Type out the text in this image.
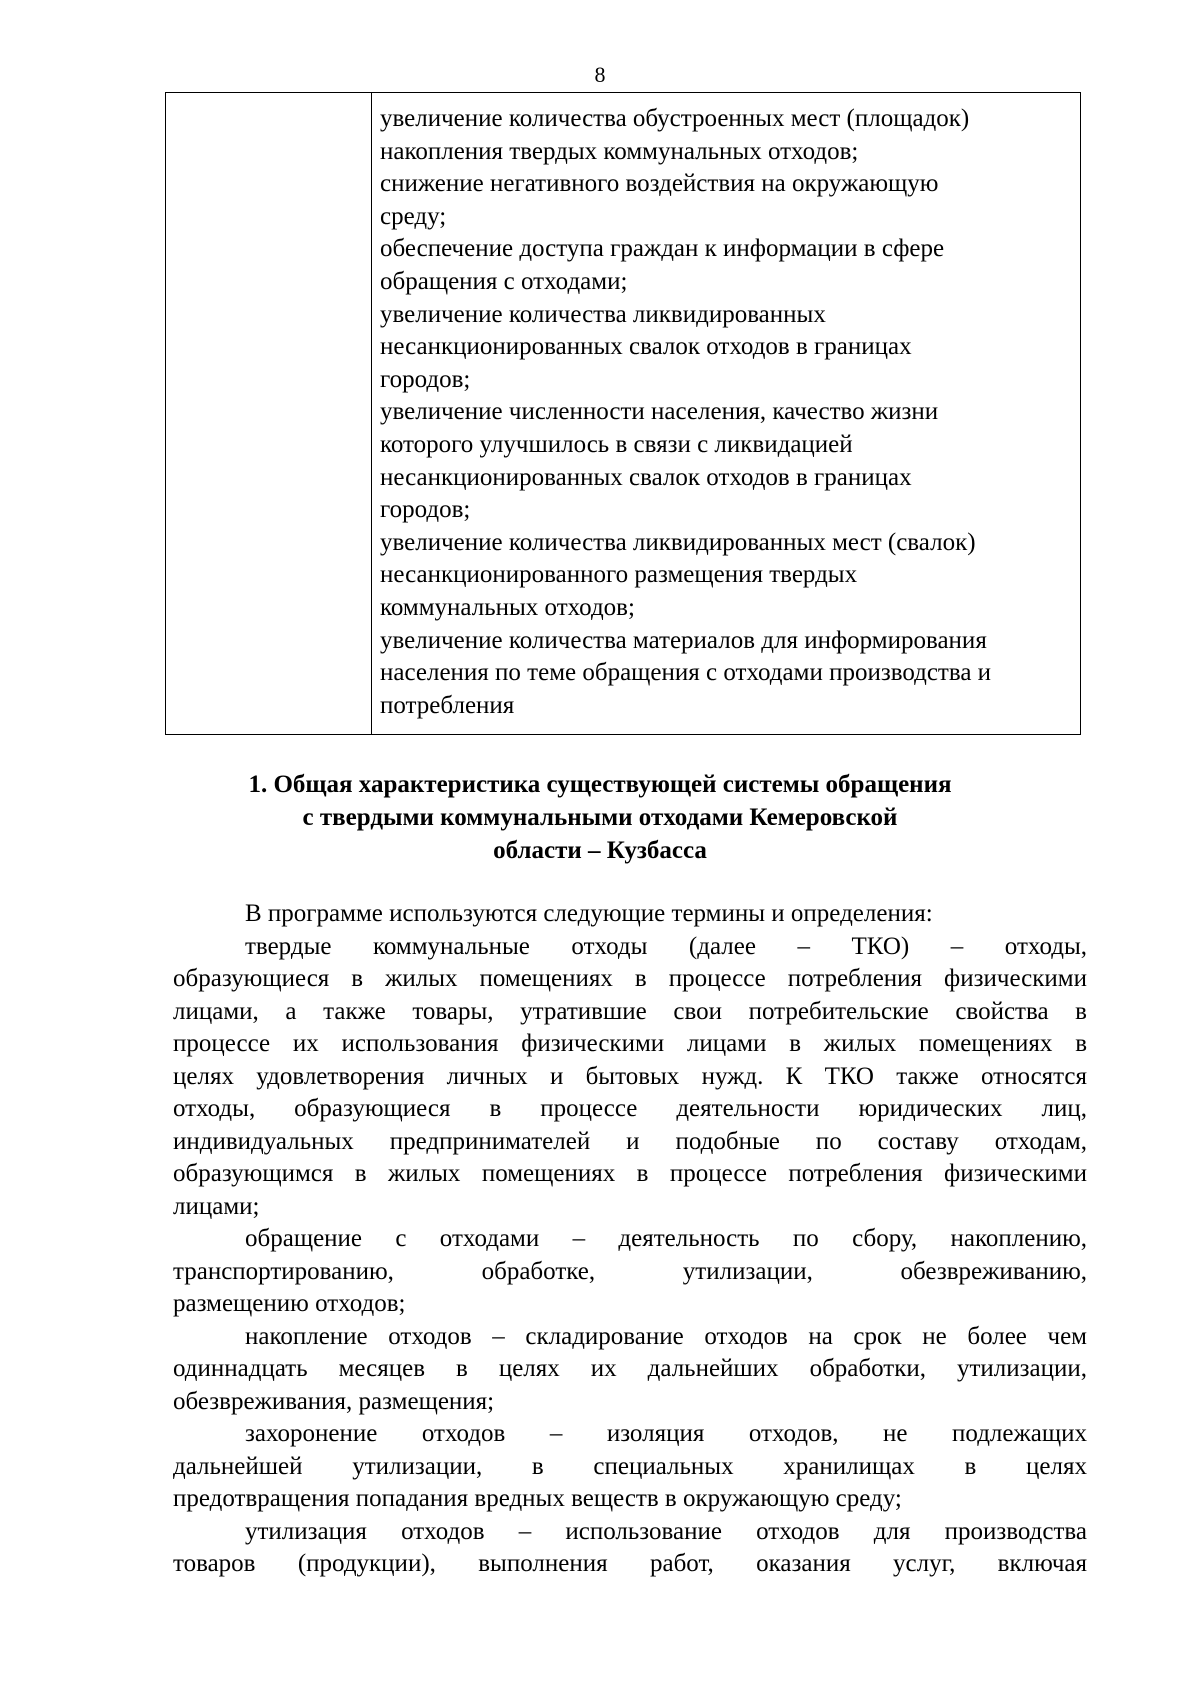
8
увеличение количества обустроенных мест (площадок)
накопления твердых коммунальных отходов;
снижение негативного воздействия на окружающую
среду;
обеспечение доступа граждан к информации в сфере
обращения с отходами;
увеличение количества ликвидированных
несанкционированных свалок отходов в границах
городов;
увеличение численности населения, качество жизни
которого улучшилось в связи с ликвидацией
несанкционированных свалок отходов в границах
городов;
увеличение количества ликвидированных мест (свалок)
несанкционированного размещения твердых
коммунальных отходов;
увеличение количества материалов для информирования
населения по теме обращения с отходами производства и
потребления
1. Общая характеристика существующей системы обращения
с твердыми коммунальными отходами Кемеровской
области – Кузбасса
В программе используются следующие термины и определения:
твердые коммунальные отходы (далее – ТКО) – отходы,
образующиеся в жилых помещениях в процессе потребления физическими
лицами, а также товары, утратившие свои потребительские свойства в
процессе их использования физическими лицами в жилых помещениях в
целях удовлетворения личных и бытовых нужд. К ТКО также относятся
отходы, образующиеся в процессе деятельности юридических лиц,
индивидуальных предпринимателей и подобные по составу отходам,
образующимся в жилых помещениях в процессе потребления физическими
лицами;
обращение с отходами – деятельность по сбору, накоплению,
транспортированию, обработке, утилизации, обезвреживанию,
размещению отходов;
накопление отходов – складирование отходов на срок не более чем
одиннадцать месяцев в целях их дальнейших обработки, утилизации,
обезвреживания, размещения;
захоронение отходов – изоляция отходов, не подлежащих
дальнейшей утилизации, в специальных хранилищах в целях
предотвращения попадания вредных веществ в окружающую среду;
утилизация отходов – использование отходов для производства
товаров (продукции), выполнения работ, оказания услуг, включая
